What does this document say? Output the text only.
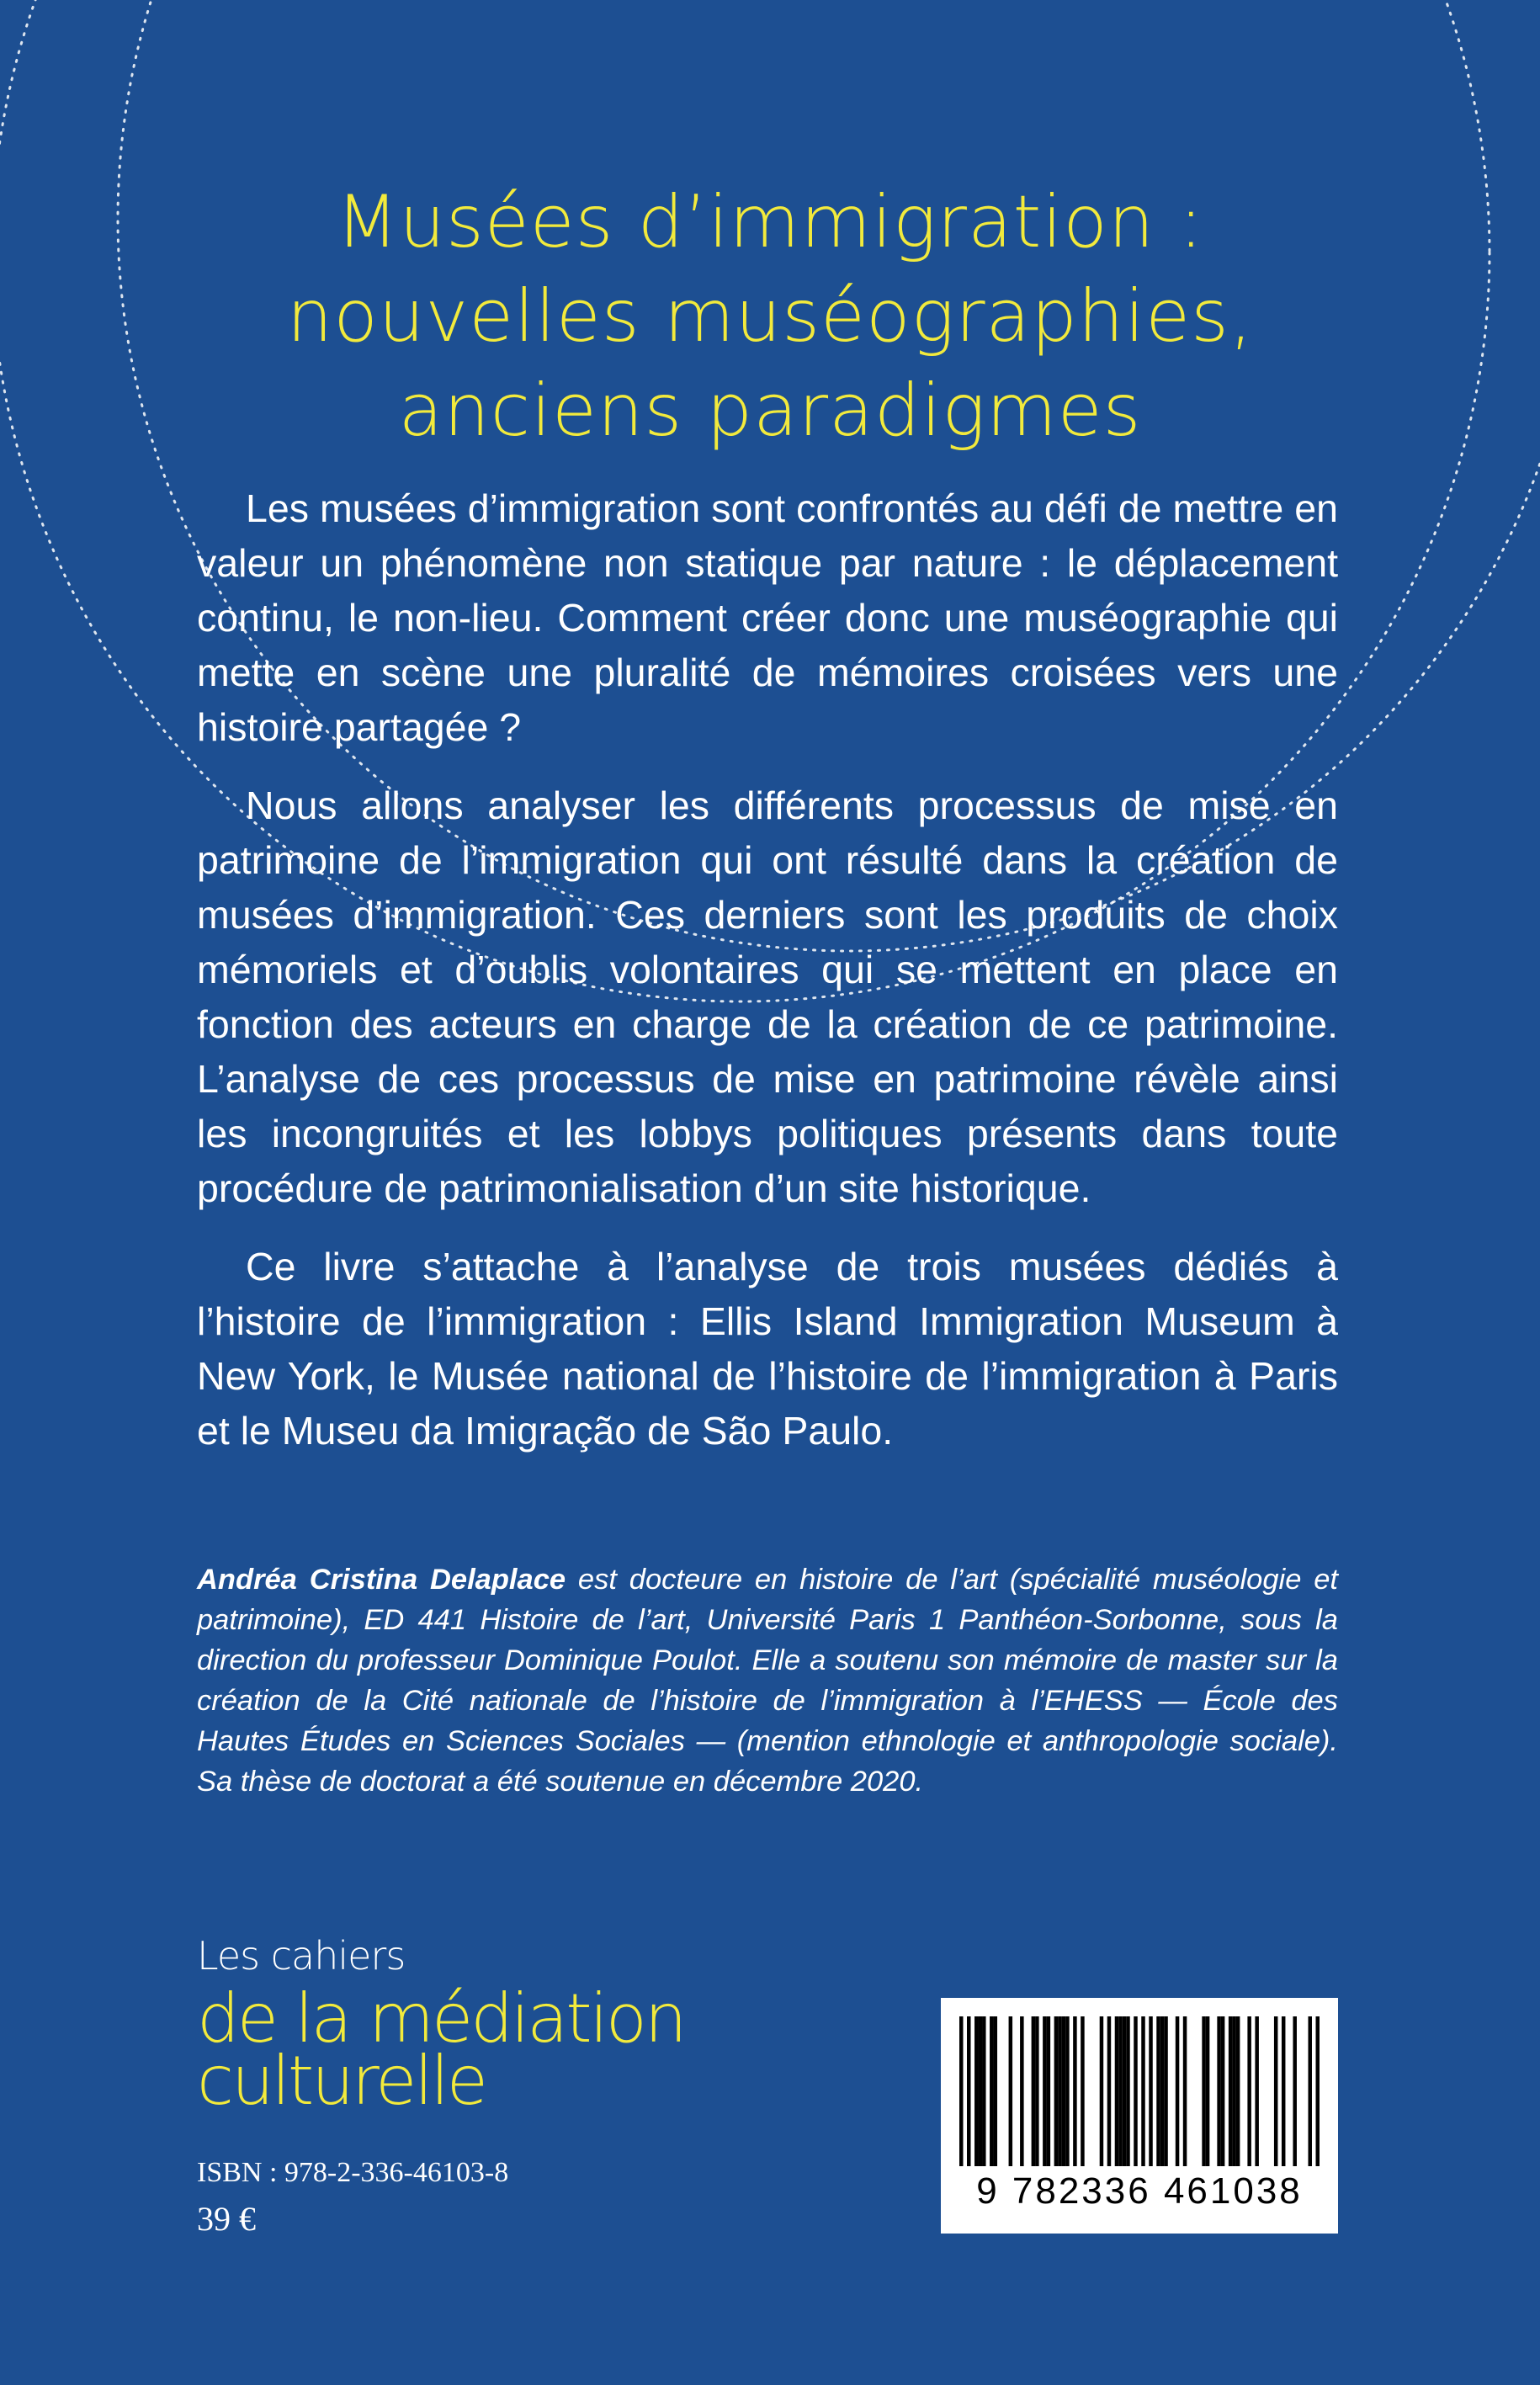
Musées d’immigration :
nouvelles muséographies,
anciens paradigmes

Les musées d’immigration sont confrontés au défi de mettre en valeur un phénomène non statique par nature : le déplacement continu, le non-lieu. Comment créer donc une muséographie qui mette en scène une pluralité de mémoires croisées vers une histoire partagée ?

Nous allons analyser les différents processus de mise en patrimoine de l’immigration qui ont résulté dans la création de musées d’immigration. Ces derniers sont les produits de choix mémoriels et d’oublis volontaires qui se mettent en place en fonction des acteurs en charge de la création de ce patrimoine. L’analyse de ces processus de mise en patrimoine révèle ainsi les incongruités et les lobbys politiques présents dans toute procédure de patrimonialisation d’un site historique.

Ce livre s’attache à l’analyse de trois musées dédiés à l’histoire de l’immigration : Ellis Island Immigration Museum à New York, le Musée national de l’histoire de l’immigration à Paris et le Museu da Imigração de São Paulo.

Andréa Cristina Delaplace est docteure en histoire de l’art (spécialité muséologie et patrimoine), ED 441 Histoire de l’art, Université Paris 1 Panthéon-Sorbonne, sous la direction du professeur Dominique Poulot. Elle a soutenu son mémoire de master sur la création de la Cité nationale de l’histoire de l’immigration à l’EHESS — École des Hautes Études en Sciences Sociales — (mention ethnologie et anthropologie sociale). Sa thèse de doctorat a été soutenue en décembre 2020.
Les cahiers
de la médiation
culturelle
ISBN : 978-2-336-46103-8
39 €
9 782336 461038
